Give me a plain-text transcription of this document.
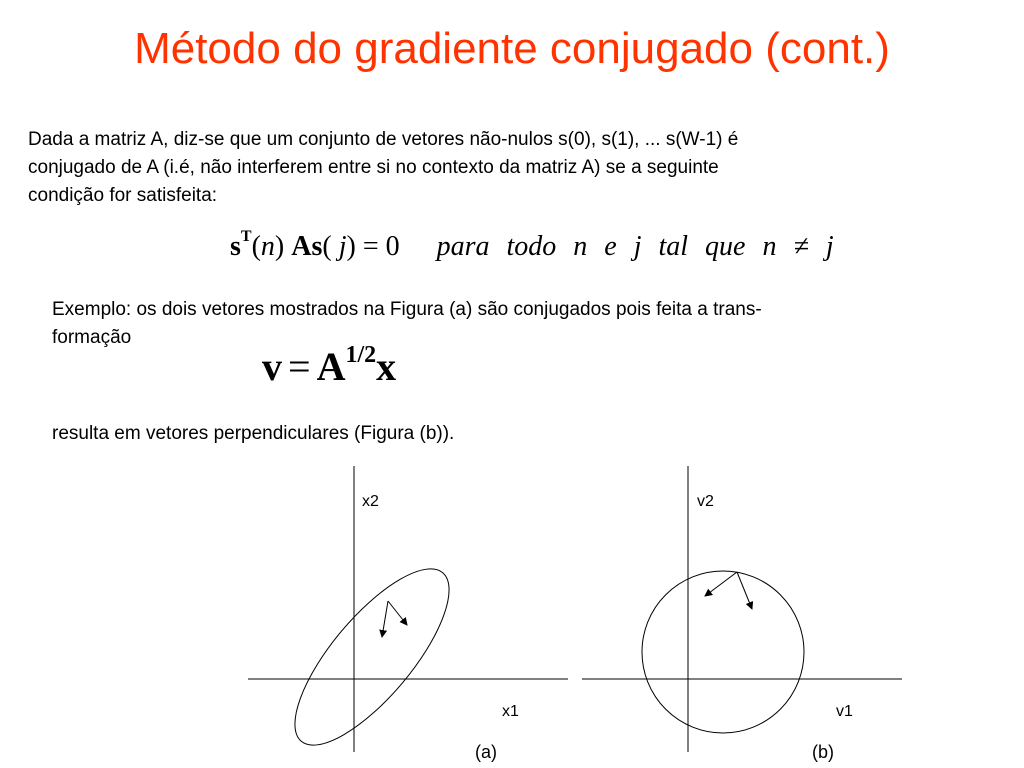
Método do gradiente conjugado (cont.)
Dada a matriz A, diz-se que um conjunto de vetores não-nulos s(0), s(1), ... s(W-1) é
conjugado de A (i.é, não interferem entre si no contexto da matriz A) se a seguinte
condição for satisfeita:
$s^T(n)$ As( j) = 0 para todo n e j tal que n ≠ j
Exemplo: os dois vetores mostrados na Figura (a) são conjugados pois feita a trans-
formação
$v = A^{1/2}x$
resulta em vetores perpendiculares (Figura (b)).
x2
x1
(a)
v2
v1
(b)
